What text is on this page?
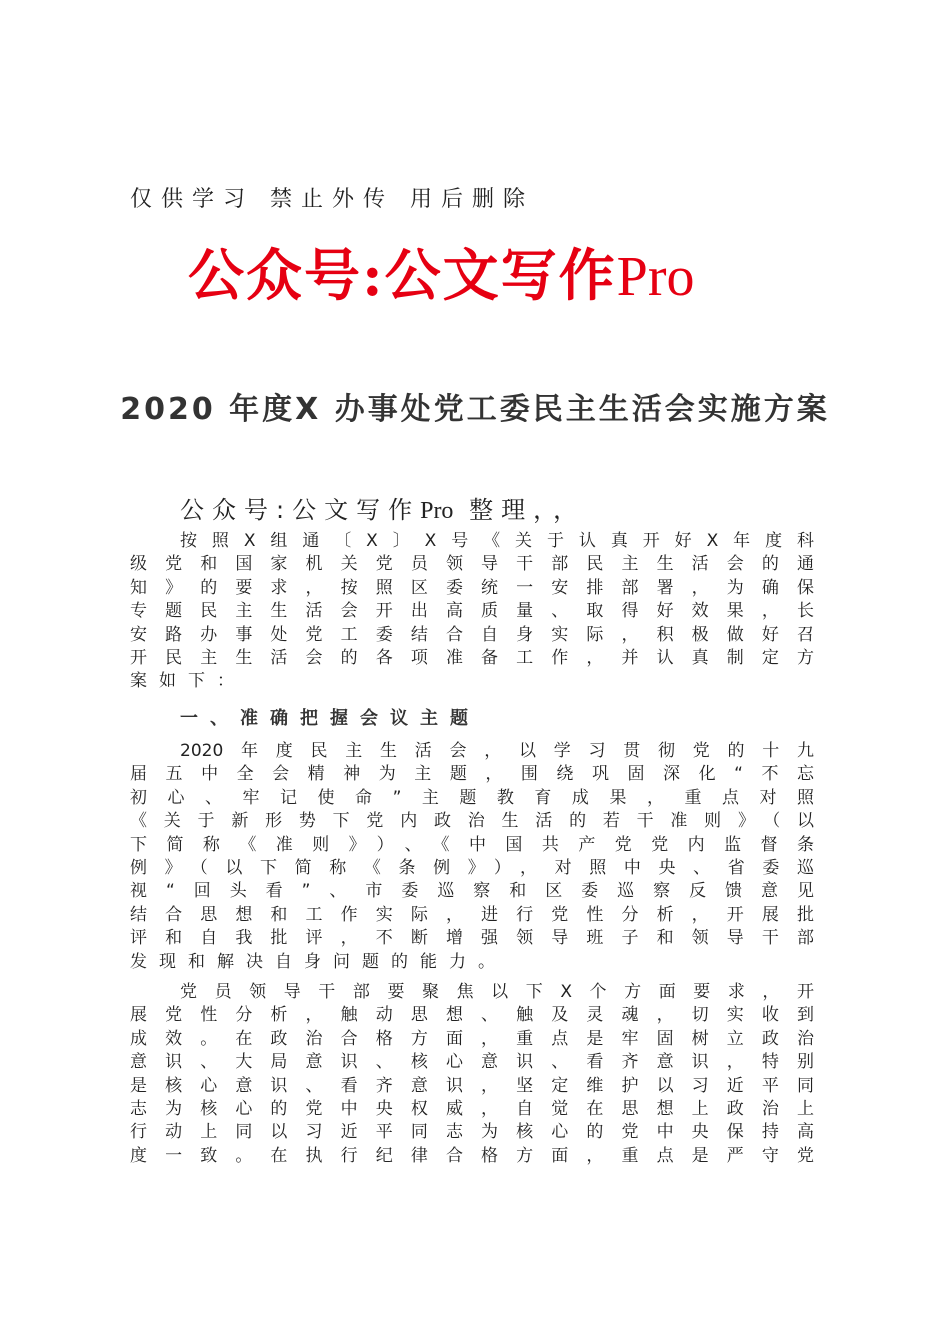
仅供学习 禁止外传 用后删除
公众号:公文写作Pro
2020 年度X 办事处党工委民主生活会实施方案
公众号:公文写作Pro 整理，，
按照X组通〔X〕X号《关于认真开好X年度科
级党和国家机关党员领导干部民主生活会的通
知》的要求，按照区委统一安排部署，为确保
专题民主生活会开出高质量、取得好效果，长
安路办事处党工委结合自身实际，积极做好召
开民主生活会的各项准备工作，并认真制定方
案如下：
一、准确把握会议主题
2020年度民主生活会，以学习贯彻党的十九
届五中全会精神为主题，围绕巩固深化“不忘
初心、牢记使命”主题教育成果，重点对照
《关于新形势下党内政治生活的若干准则》（以
下简称《准则》）、《中国共产党党内监督条
例》（以下简称《条例》），对照中央、省委巡
视“回头看”、市委巡察和区委巡察反馈意见
结合思想和工作实际，进行党性分析，开展批
评和自我批评，不断增强领导班子和领导干部
发现和解决自身问题的能力。
党员领导干部要聚焦以下X个方面要求，开
展党性分析，触动思想、触及灵魂，切实收到
成效。在政治合格方面，重点是牢固树立政治
意识、大局意识、核心意识、看齐意识，特别
是核心意识、看齐意识，坚定维护以习近平同
志为核心的党中央权威，自觉在思想上政治上
行动上同以习近平同志为核心的党中央保持高
度一致。在执行纪律合格方面，重点是严守党
